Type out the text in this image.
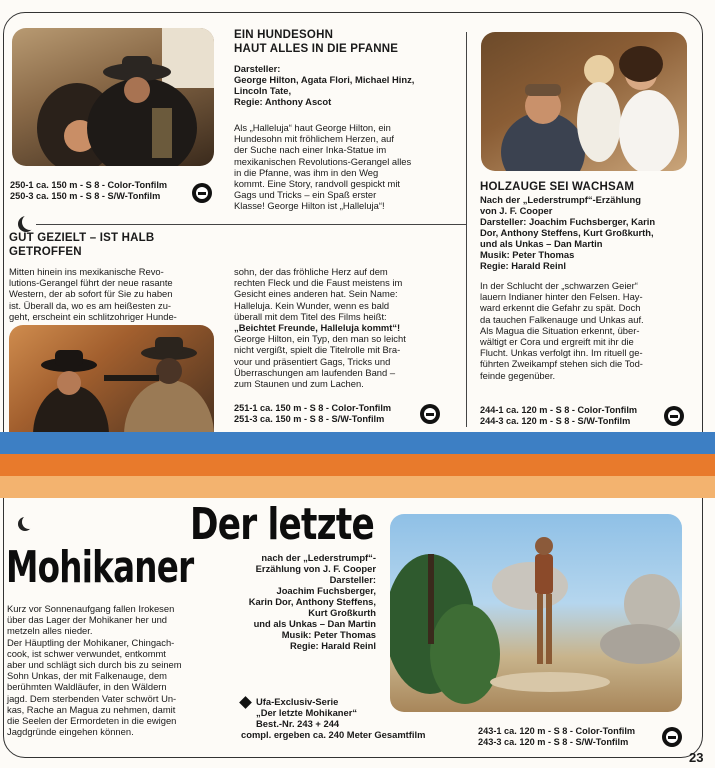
250-1 ca. 150 m - S 8 - Color-Tonfilm
250-3 ca. 150 m - S 8 - S/W-Tonfilm
EIN HUNDESOHN
HAUT ALLES IN DIE PFANNE
Darsteller:
George Hilton, Agata Flori, Michael Hinz,
Lincoln Tate,
Regie: Anthony Ascot
Als „Halleluja“ haut George Hilton, ein
Hundesohn mit fröhlichem Herzen, auf
der Suche nach einer Inka-Statue im
mexikanischen Revolutions-Gerangel alles
in die Pfanne, was ihm in den Weg
kommt. Eine Story, randvoll gespickt mit
Gags und Tricks – ein Spaß erster
Klasse! George Hilton ist „Halleluja“!
GUT GEZIELT – IST HALB
GETROFFEN
Mitten hinein ins mexikanische Revo-
lutions-Gerangel führt der neue rasante
Western, der ab sofort für Sie zu haben
ist. Überall da, wo es am heißesten zu-
geht, erscheint ein schlitzohriger Hunde-
sohn, der das fröhliche Herz auf dem
rechten Fleck und die Faust meistens im
Gesicht eines anderen hat. Sein Name:
Halleluja. Kein Wunder, wenn es bald
überall mit dem Titel des Films heißt:
„Beichtet Freunde, Halleluja kommt“!
George Hilton, ein Typ, den man so leicht
nicht vergißt, spielt die Titelrolle mit Bra-
vour und präsentiert Gags, Tricks und
Überraschungen am laufenden Band –
zum Staunen und zum Lachen.
251-1 ca. 150 m - S 8 - Color-Tonfilm
251-3 ca. 150 m - S 8 - S/W-Tonfilm
HOLZAUGE SEI WACHSAM
Nach der „Lederstrumpf“-Erzählung
von J. F. Cooper
Darsteller: Joachim Fuchsberger, Karin
Dor, Anthony Steffens, Kurt Großkurth,
und als Unkas – Dan Martin
Musik: Peter Thomas
Regie: Harald Reinl
In der Schlucht der „schwarzen Geier“
lauern Indianer hinter den Felsen. Hay-
ward erkennt die Gefahr zu spät. Doch
da tauchen Falkenauge und Unkas auf.
Als Magua die Situation erkennt, über-
wältigt er Cora und ergreift mit ihr die
Flucht. Unkas verfolgt ihn. Im rituell ge-
führten Zweikampf stehen sich die Tod-
feinde gegenüber.
244-1 ca. 120 m - S 8 - Color-Tonfilm
244-3 ca. 120 m - S 8 - S/W-Tonfilm
Der letzte
Mohikaner	nach der „Lederstrumpf“-
Erzählung von J. F. Cooper
Darsteller:
Joachim Fuchsberger,
Karin Dor, Anthony Steffens,
Kurt Großkurth
und als Unkas – Dan Martin
Musik: Peter Thomas
Regie: Harald Reinl
Kurz vor Sonnenaufgang fallen Irokesen
über das Lager der Mohikaner her und
metzeln alles nieder.
Der Häuptling der Mohikaner, Chingach-
cook, ist schwer verwundet, entkommt
aber und schlägt sich durch bis zu seinem
Sohn Unkas, der mit Falkenauge, dem
berühmten Waldläufer, in den Wäldern
jagd. Dem sterbenden Vater schwört Un-
kas, Rache an Magua zu nehmen, damit
die Seelen der Ermordeten in die ewigen
Jagdgründe eingehen können.
Ufa-Exclusiv-Serie
„Der letzte Mohikaner“
Best.-Nr. 243 + 244
compl. ergeben ca. 240 Meter Gesamtfilm	243-1 ca. 120 m - S 8 - Color-Tonfilm
243-3 ca. 120 m - S 8 - S/W-Tonfilm
23
